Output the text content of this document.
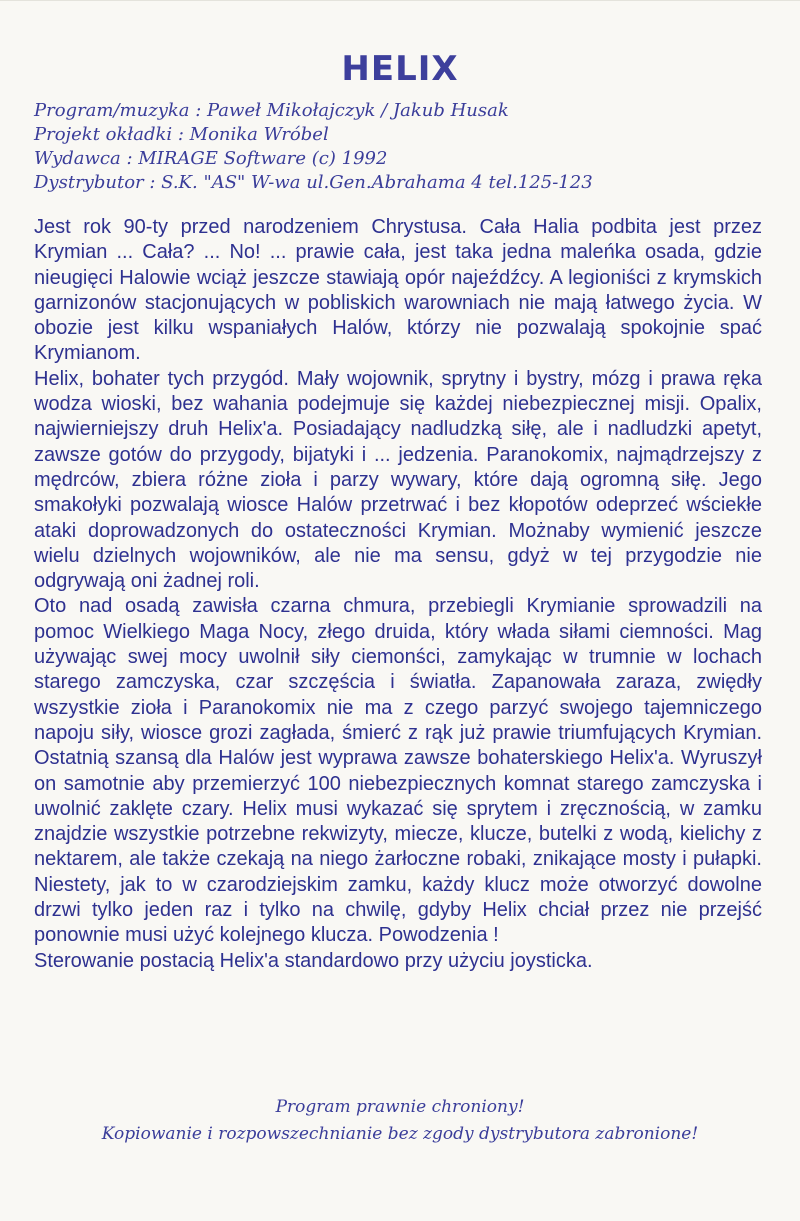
HELIX
Program/muzyka : Paweł Mikołajczyk / Jakub Husak
Projekt okładki : Monika Wróbel
Wydawca : MIRAGE Software (c) 1992
Dystrybutor : S.K. "AS" W-wa ul.Gen.Abrahama 4 tel.125-123

Jest rok 90-ty przed narodzeniem Chrystusa. Cała Halia podbita jest przez Krymian ... Cała? ... No! ... prawie cała, jest taka jedna maleńka osada, gdzie nieugięci Halowie wciąż jeszcze stawiają opór najeźdźcy. A legioniści z krymskich garnizonów stacjonujących w pobliskich warowniach nie mają łatwego życia. W obozie jest kilku wspaniałych Halów, którzy nie pozwalają spokojnie spać Krymianom.

Helix, bohater tych przygód. Mały wojownik, sprytny i bystry, mózg i prawa ręka wodza wioski, bez wahania podejmuje się każdej niebezpiecznej misji. Opalix, najwierniejszy druh Helix'a. Posiadający nadludzką siłę, ale i nadludzki apetyt, zawsze gotów do przygody, bijatyki i ... jedzenia. Paranokomix, najmądrzejszy z mędrców, zbiera różne zioła i parzy wywary, które dają ogromną siłę. Jego smakołyki pozwalają wiosce Halów przetrwać i bez kłopotów odeprzeć wściekłe ataki doprowadzonych do ostateczności Krymian. Możnaby wymienić jeszcze wielu dzielnych wojowników, ale nie ma sensu, gdyż w tej przygodzie nie odgrywają oni żadnej roli.

Oto nad osadą zawisła czarna chmura, przebiegli Krymianie sprowadzili na pomoc Wielkiego Maga Nocy, złego druida, który włada siłami ciemności. Mag używając swej mocy uwolnił siły ciemonści, zamykając w trumnie w lochach starego zamczyska, czar szczęścia i światła. Zapanowała zaraza, zwiędły wszystkie zioła i Paranokomix nie ma z czego parzyć swojego tajemniczego napoju siły, wiosce grozi zagłada, śmierć z rąk już prawie triumfujących Krymian. Ostatnią szansą dla Halów jest wyprawa zawsze bohaterskiego Helix'a. Wyruszył on samotnie aby przemierzyć 100 niebezpiecznych komnat starego zamczyska i uwolnić zaklęte czary. Helix musi wykazać się sprytem i zręcznością, w zamku znajdzie wszystkie potrzebne rekwizyty, miecze, klucze, butelki z wodą, kielichy z nektarem, ale także czekają na niego żarłoczne robaki, znikające mosty i pułapki. Niestety, jak to w czarodziejskim zamku, każdy klucz może otworzyć dowolne drzwi tylko jeden raz i tylko na chwilę, gdyby Helix chciał przez nie przejść ponownie musi użyć kolejnego klucza. Powodzenia !

Sterowanie postacią Helix'a standardowo przy użyciu joysticka.

Program prawnie chroniony!
Kopiowanie i rozpowszechnianie bez zgody dystrybutora zabronione!
